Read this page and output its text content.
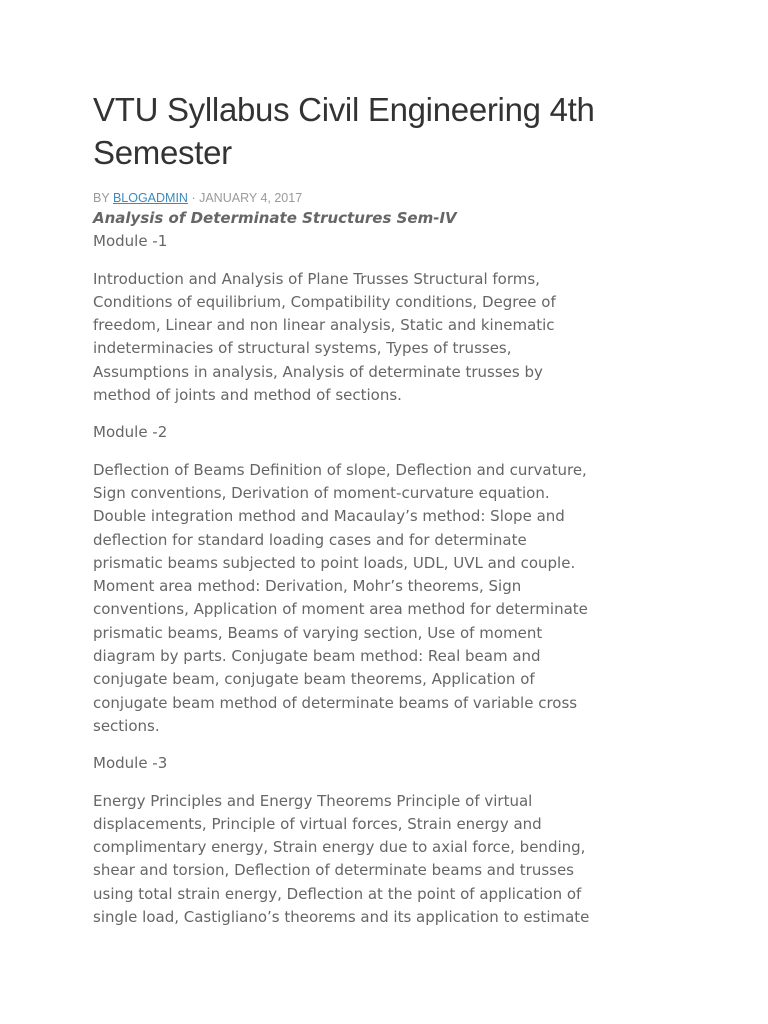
VTU Syllabus Civil Engineering 4th Semester
BY BLOGADMIN · JANUARY 4, 2017

Analysis of Determinate Structures Sem-IV

Module -1

Introduction and Analysis of Plane Trusses Structural forms,
Conditions of equilibrium, Compatibility conditions, Degree of
freedom, Linear and non linear analysis, Static and kinematic
indeterminacies of structural systems, Types of trusses,
Assumptions in analysis, Analysis of determinate trusses by
method of joints and method of sections.

Module -2

Deflection of Beams Definition of slope, Deflection and curvature,
Sign conventions, Derivation of moment-curvature equation.
Double integration method and Macaulay’s method: Slope and
deflection for standard loading cases and for determinate
prismatic beams subjected to point loads, UDL, UVL and couple.
Moment area method: Derivation, Mohr’s theorems, Sign
conventions, Application of moment area method for determinate
prismatic beams, Beams of varying section, Use of moment
diagram by parts. Conjugate beam method: Real beam and
conjugate beam, conjugate beam theorems, Application of
conjugate beam method of determinate beams of variable cross
sections.

Module -3

Energy Principles and Energy Theorems Principle of virtual
displacements, Principle of virtual forces, Strain energy and
complimentary energy, Strain energy due to axial force, bending,
shear and torsion, Deflection of determinate beams and trusses
using total strain energy, Deflection at the point of application of
single load, Castigliano’s theorems and its application to estimate
